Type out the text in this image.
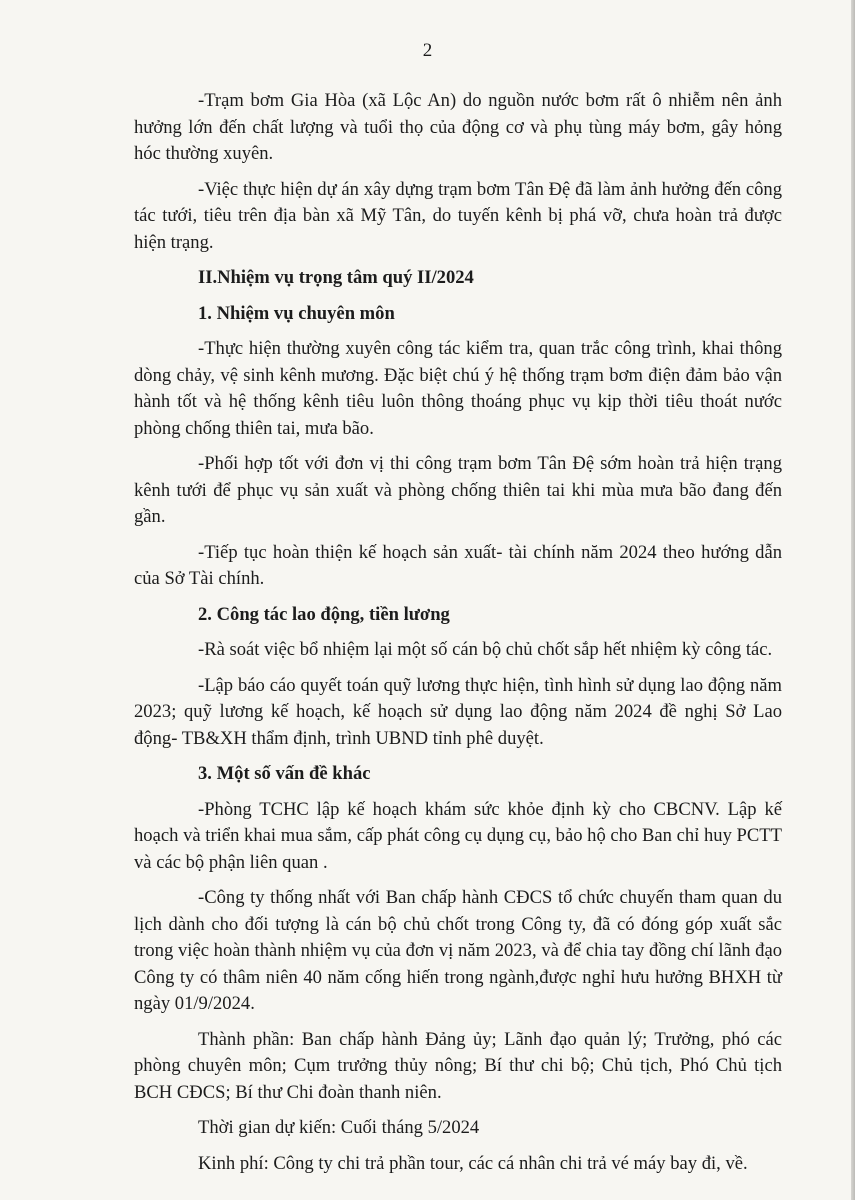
2

-Trạm bơm Gia Hòa (xã Lộc An) do nguồn nước bơm rất ô nhiễm nên ảnh hưởng lớn đến chất lượng và tuổi thọ của động cơ và phụ tùng máy bơm, gây hỏng hóc thường xuyên.

-Việc thực hiện dự án xây dựng trạm bơm Tân Đệ đã làm ảnh hưởng đến công tác tưới, tiêu trên địa bàn xã Mỹ Tân, do tuyến kênh bị phá vỡ, chưa hoàn trả được hiện trạng.

II.Nhiệm vụ trọng tâm quý II/2024
1. Nhiệm vụ chuyên môn

-Thực hiện thường xuyên công tác kiểm tra, quan trắc công trình, khai thông dòng chảy, vệ sinh kênh mương. Đặc biệt chú ý hệ thống trạm bơm điện đảm bảo vận hành tốt và hệ thống kênh tiêu luôn thông thoáng phục vụ kịp thời tiêu thoát nước phòng chống thiên tai, mưa bão.

-Phối hợp tốt với đơn vị thi công trạm bơm Tân Đệ sớm hoàn trả hiện trạng kênh tưới để phục vụ sản xuất và phòng chống thiên tai khi mùa mưa bão đang đến gần.

-Tiếp tục hoàn thiện kế hoạch sản xuất- tài chính năm 2024 theo hướng dẫn của Sở Tài chính.

2. Công tác lao động, tiền lương

-Rà soát việc bổ nhiệm lại một số cán bộ chủ chốt sắp hết nhiệm kỳ công tác.

-Lập báo cáo quyết toán quỹ lương thực hiện, tình hình sử dụng lao động năm 2023; quỹ lương kế hoạch, kế hoạch sử dụng lao động năm 2024 đề nghị Sở Lao động- TB&XH thẩm định, trình UBND tỉnh phê duyệt.

3. Một số vấn đề khác

-Phòng TCHC lập kế hoạch khám sức khỏe định kỳ cho CBCNV. Lập kế hoạch và triển khai mua sắm, cấp phát công cụ dụng cụ, bảo hộ cho Ban chỉ huy PCTT và các bộ phận liên quan .

-Công ty thống nhất với Ban chấp hành CĐCS tổ chức chuyến tham quan du lịch dành cho đối tượng là cán bộ chủ chốt trong Công ty, đã có đóng góp xuất sắc trong việc hoàn thành nhiệm vụ của đơn vị năm 2023, và để chia tay đồng chí lãnh đạo Công ty có thâm niên 40 năm cống hiến trong ngành,được nghỉ hưu hưởng BHXH từ ngày 01/9/2024.

Thành phần: Ban chấp hành Đảng ủy; Lãnh đạo quản lý; Trưởng, phó các phòng chuyên môn; Cụm trưởng thủy nông; Bí thư chi bộ; Chủ tịch, Phó Chủ tịch BCH CĐCS; Bí thư Chi đoàn thanh niên.

Thời gian dự kiến: Cuối tháng 5/2024

Kinh phí: Công ty chi trả phần tour, các cá nhân chi trả vé máy bay đi, về.
